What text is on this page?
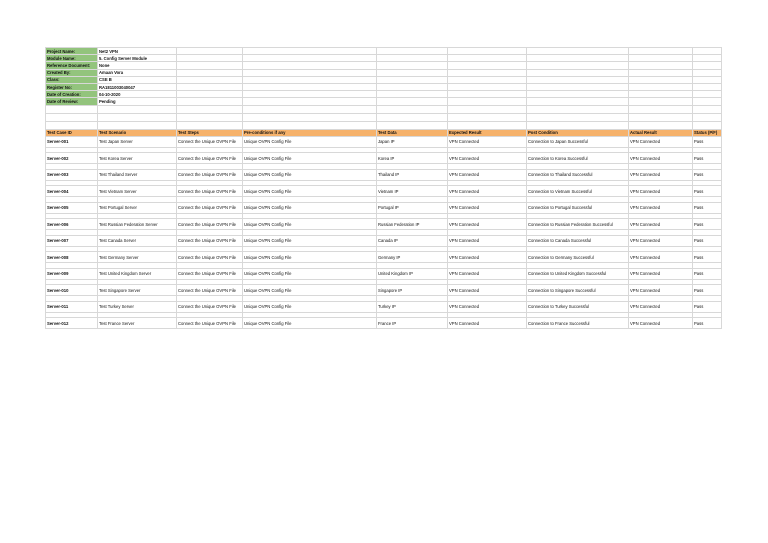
Project Name:	Net2 VPN							
Module Name:	5. Config Server Module							
Reference Document:	None							
Created By:	Amaan Vora							
Class:	CSE B							
Register No:	RA1811003040047							
Date of Creation:	04-10-2020							
Date of Review:	Pending							

Test Case ID	Test Scenario	Test Steps	Pre-conditions if any	Test Data	Expected Result	Post Condition	Actual Result	Status (P/F)
Server-001	Test Japan Server	Connect the Unique OVPN File	Unique OVPN Config File	Japan IP	VPN Connected	Connection to Japan Successful	VPN Connected	Pass

Server-002	Test Korea Server	Connect the Unique OVPN File	Unique OVPN Config File	Korea IP	VPN Connected	Connection to Korea Successful	VPN Connected	Pass

Server-003	Test Thailand Server	Connect the Unique OVPN File	Unique OVPN Config File	Thailand IP	VPN Connected	Connection to Thailand Successful	VPN Connected	Pass

Server-004	Test Vietnam Server	Connect the Unique OVPN File	Unique OVPN Config File	Vietnam IP	VPN Connected	Connection to Vietnam Successful	VPN Connected	Pass

Server-005	Test Portugal Server	Connect the Unique OVPN File	Unique OVPN Config File	Portugal IP	VPN Connected	Connection to Portugal Successful	VPN Connected	Pass

Server-006	Test Russian Federation Server	Connect the Unique OVPN File	Unique OVPN Config File	Russian Federation IP	VPN Connected	Connection to Russian Federation Successful	VPN Connected	Pass

Server-007	Test Canada Server	Connect the Unique OVPN File	Unique OVPN Config File	Canada IP	VPN Connected	Connection to Canada Successful	VPN Connected	Pass

Server-008	Test Germany Server	Connect the Unique OVPN File	Unique OVPN Config File	Germany IP	VPN Connected	Connection to Germany Successful	VPN Connected	Pass

Server-009	Test United Kingdom Server	Connect the Unique OVPN File	Unique OVPN Config File	United Kingdom IP	VPN Connected	Connection to United Kingdom Successful	VPN Connected	Pass

Server-010	Test Singapore Server	Connect the Unique OVPN File	Unique OVPN Config File	Singapore IP	VPN Connected	Connection to Singapore Successful	VPN Connected	Pass

Server-011	Test Turkey Server	Connect the Unique OVPN File	Unique OVPN Config File	Turkey IP	VPN Connected	Connection to Turkey Successful	VPN Connected	Pass

Server-012	Test France Server	Connect the Unique OVPN File	Unique OVPN Config File	France IP	VPN Connected	Connection to France Successful	VPN Connected	Pass
